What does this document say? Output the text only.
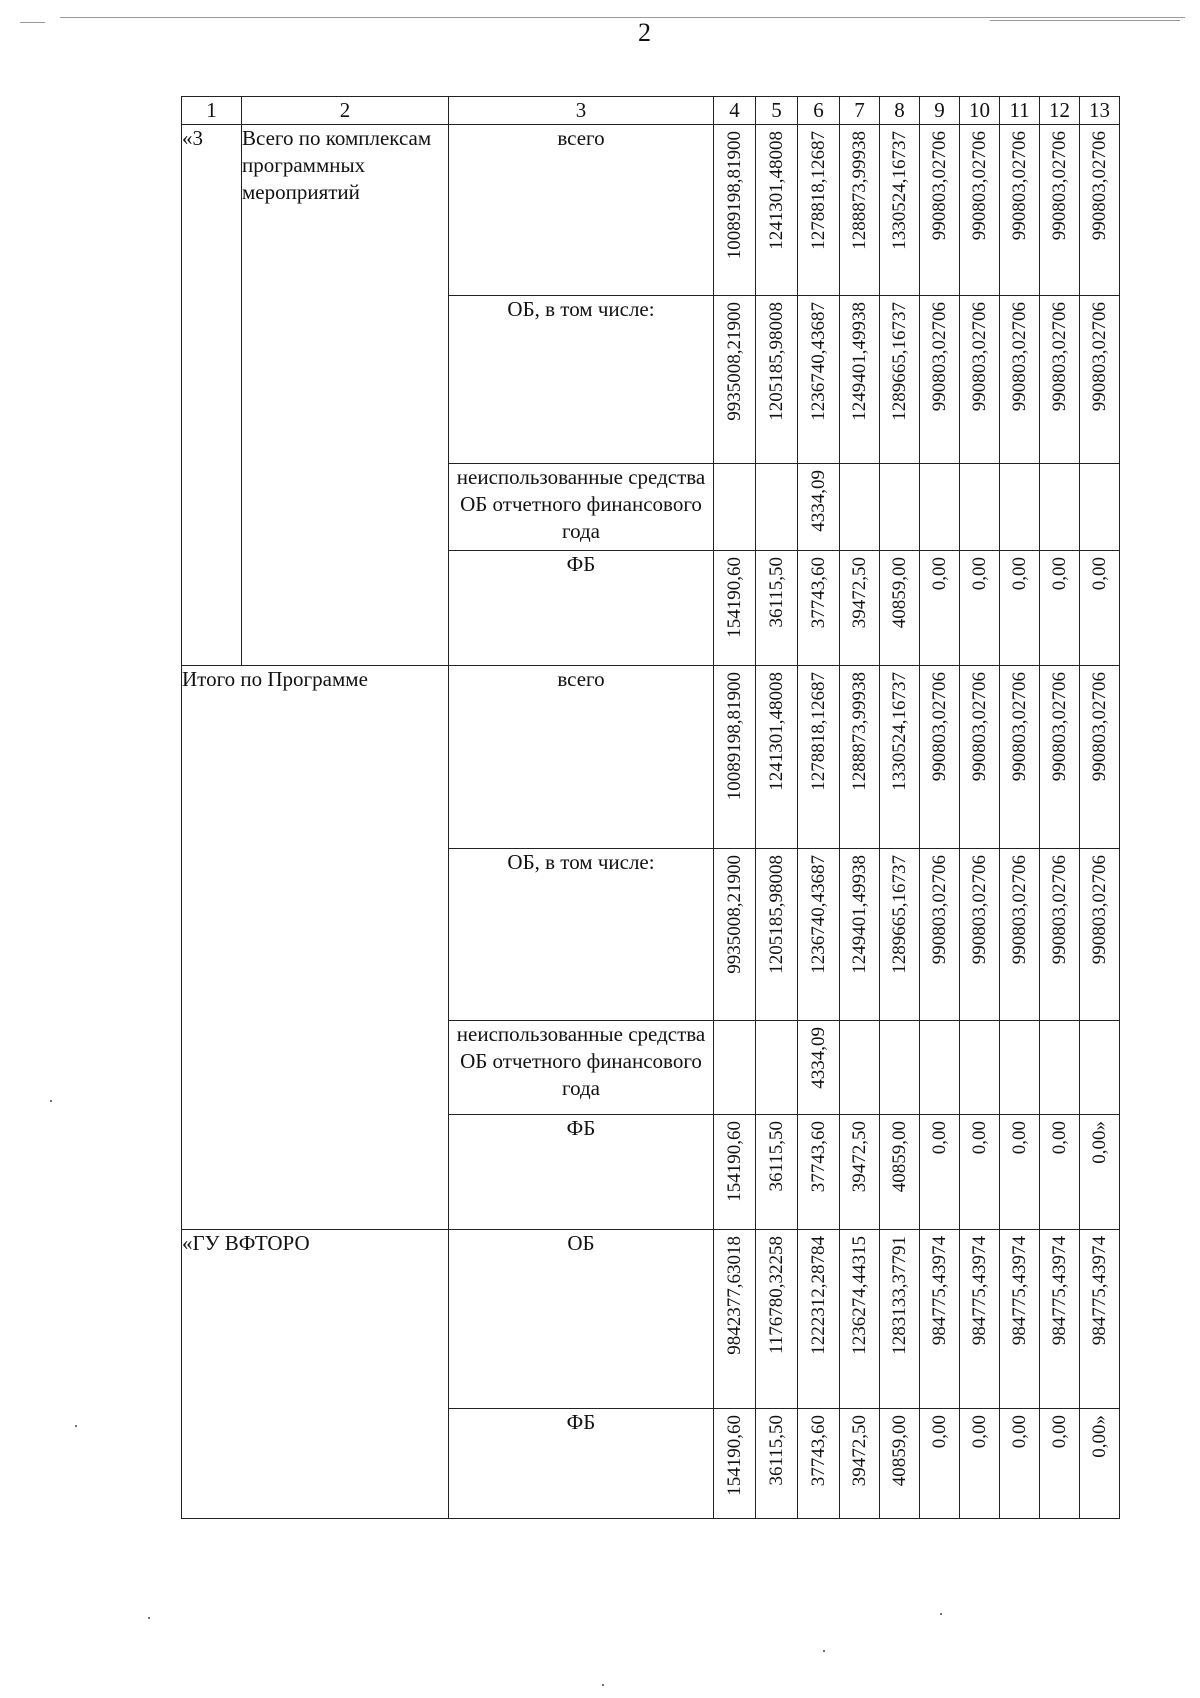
2
1	2	3	4	5	6	7	8	9	10	11	12	13
«3	Всего по комплексам программных мероприятий	всего	10089198,81900	1241301,48008	1278818,12687	1288873,99938	1330524,16737	990803,02706	990803,02706	990803,02706	990803,02706	990803,02706

		ОБ, в том числе:	9935008,21900	1205185,98008	1236740,43687	1249401,49938	1289665,16737	990803,02706	990803,02706	990803,02706	990803,02706	990803,02706

		неиспользованные средства ОБ отчетного финансового года			4334,09							

		ФБ	154190,60	36115,50	37743,60	39472,50	40859,00	0,00	0,00	0,00	0,00	0,00

Итого по Программе		всего	10089198,81900	1241301,48008	1278818,12687	1288873,99938	1330524,16737	990803,02706	990803,02706	990803,02706	990803,02706	990803,02706

		ОБ, в том числе:	9935008,21900	1205185,98008	1236740,43687	1249401,49938	1289665,16737	990803,02706	990803,02706	990803,02706	990803,02706	990803,02706

		неиспользованные средства ОБ отчетного финансового года			4334,09							

		ФБ	154190,60	36115,50	37743,60	39472,50	40859,00	0,00	0,00	0,00	0,00	0,00»

«ГУ ВФТОРО		ОБ	9842377,63018	1176780,32258	1222312,28784	1236274,44315	1283133,37791	984775,43974	984775,43974	984775,43974	984775,43974	984775,43974

		ФБ	154190,60	36115,50	37743,60	39472,50	40859,00	0,00	0,00	0,00	0,00	0,00»
